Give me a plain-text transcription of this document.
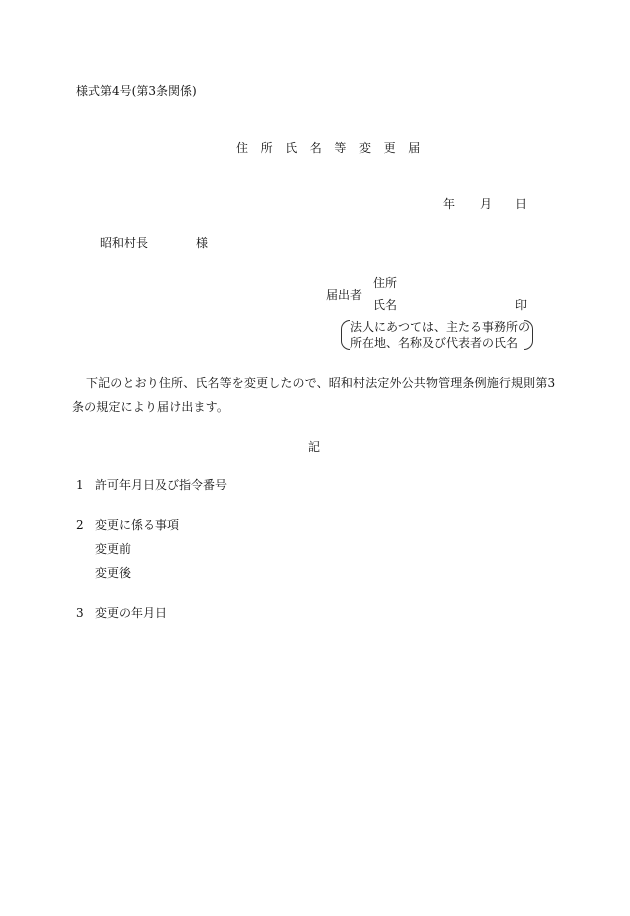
様式第4号(第3条関係)
住所氏名等変更届
年 月 日
昭和村長	様
届出者
住所
氏名	印
法人にあつては、主たる事務所の
所在地、名称及び代表者の氏名
下記のとおり住所、氏名等を変更したので、昭和村法定外公共物管理条例施行規則第3
条の規定により届け出ます。
記
1 許可年月日及び指令番号
2 変更に係る事項
変更前
変更後
3 変更の年月日
